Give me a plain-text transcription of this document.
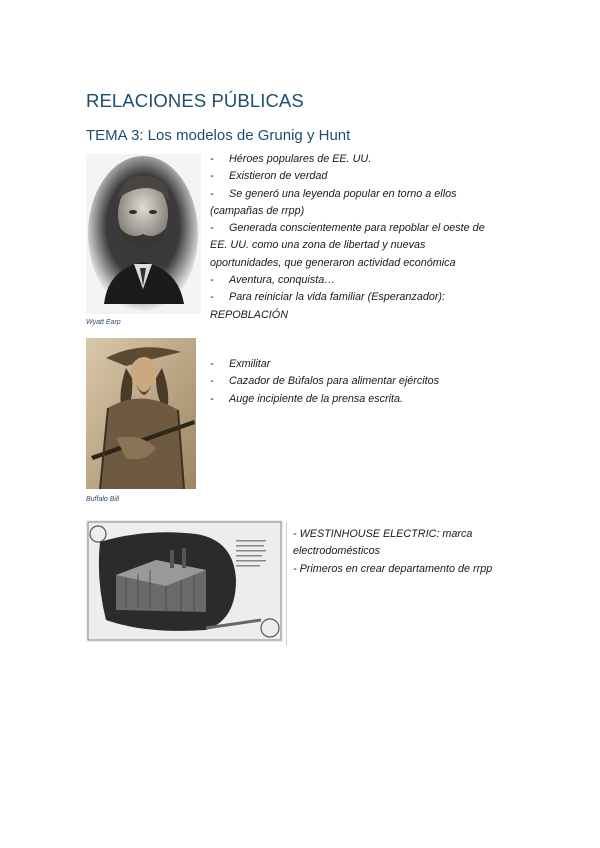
RELACIONES PÚBLICAS
TEMA 3: Los modelos de Grunig y Hunt
Wyatt Earp
- Héroes populares de EE. UU.
- Existieron de verdad
- Se generó una leyenda popular en torno a ellos
(campañas de rrpp)
- Generada conscientemente para repoblar el oeste de
EE. UU. como una zona de libertad y nuevas
oportunidades, que generaron actividad económica
- Aventura, conquista…
- Para reiniciar la vida familiar (Esperanzador):
REPOBLACIÓN
Buffalo Bill
- Exmilitar
- Cazador de Búfalos para alimentar ejércitos
- Auge incipiente de la prensa escrita.
- WESTINHOUSE ELECTRIC: marca
electrodomésticos
- Primeros en crear departamento de rrpp
